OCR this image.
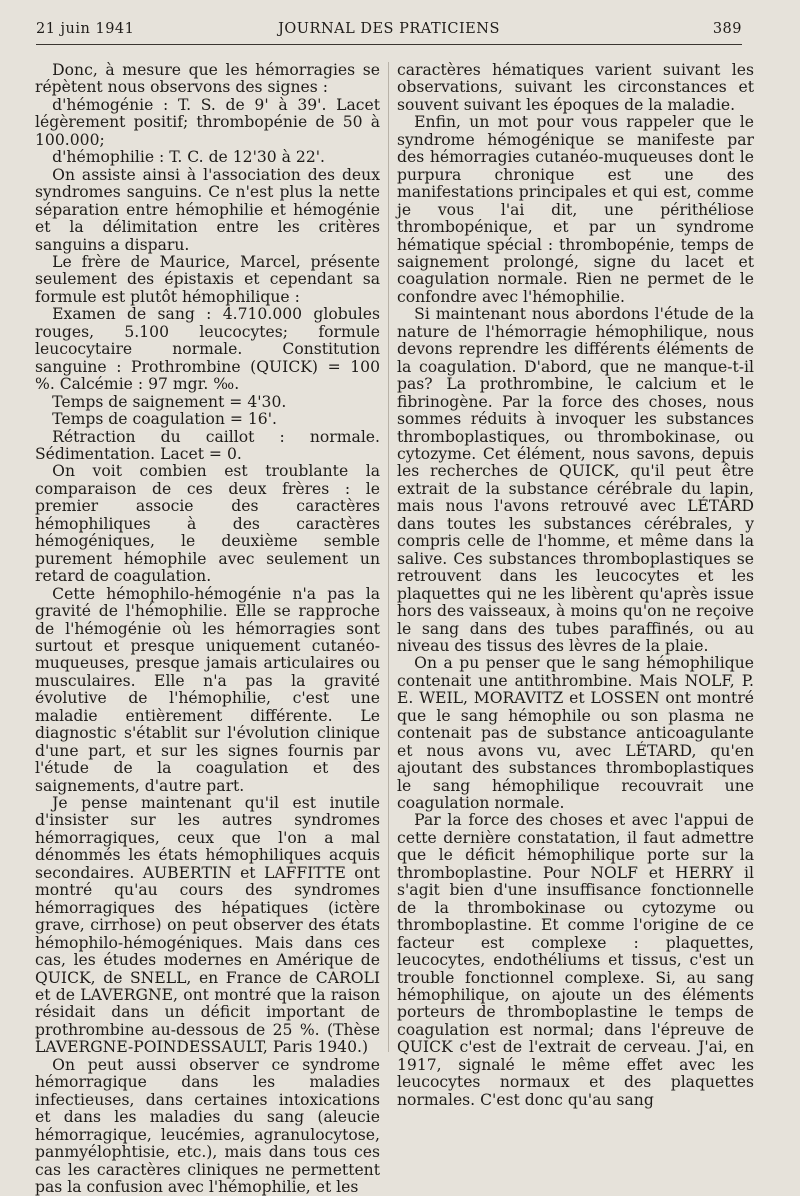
21 juin 1941	JOURNAL DES PRATICIENS	389

Donc, à mesure que les hémorragies se répètent nous observons des signes :

d'hémogénie : T. S. de 9' à 39'. Lacet légèrement positif; thrombopénie de 50 à 100.000;

d'hémophilie : T. C. de 12'30 à 22'.

On assiste ainsi à l'association des deux syndromes sanguins. Ce n'est plus la nette séparation entre hémophilie et hémogénie et la délimitation entre les critères sanguins a disparu.

Le frère de Maurice, Marcel, présente seulement des épistaxis et cependant sa formule est plutôt hémophilique :

Examen de sang : 4.710.000 globules rouges, 5.100 leucocytes; formule leucocytaire normale. Constitution sanguine : Prothrombine (QUICK) = 100 %. Calcémie : 97 mgr. ‰.

Temps de saignement = 4'30.

Temps de coagulation = 16'.

Rétraction du caillot : normale. Sédimentation. Lacet = 0.

On voit combien est troublante la comparaison de ces deux frères : le premier associe des caractères hémophiliques à des caractères hémogéniques, le deuxième semble purement hémophile avec seulement un retard de coagulation.

Cette hémophilo-hémogénie n'a pas la gravité de l'hémophilie. Elle se rapproche de l'hémogénie où les hémorragies sont surtout et presque uniquement cutanéo-muqueuses, presque jamais articulaires ou musculaires. Elle n'a pas la gravité évolutive de l'hémophilie, c'est une maladie entièrement différente. Le diagnostic s'établit sur l'évolution clinique d'une part, et sur les signes fournis par l'étude de la coagulation et des saignements, d'autre part.

Je pense maintenant qu'il est inutile d'insister sur les autres syndromes hémorragiques, ceux que l'on a mal dénommés les états hémophiliques acquis secondaires. AUBERTIN et LAFFITTE ont montré qu'au cours des syndromes hémorragiques des hépatiques (ictère grave, cirrhose) on peut observer des états hémophilo-hémogéniques. Mais dans ces cas, les études modernes en Amérique de QUICK, de SNELL, en France de CAROLI et de LAVERGNE, ont montré que la raison résidait dans un déficit important de prothrombine au-dessous de 25 %. (Thèse LAVERGNE-POINDESSAULT, Paris 1940.)

On peut aussi observer ce syndrome hémorragique dans les maladies infectieuses, dans certaines intoxications et dans les maladies du sang (aleucie hémorragique, leucémies, agranulocytose, panmyélophtisie, etc.), mais dans tous ces cas les caractères cliniques ne permettent pas la confusion avec l'hémophilie, et les

caractères hématiques varient suivant les observations, suivant les circonstances et souvent suivant les époques de la maladie.

Enfin, un mot pour vous rappeler que le syndrome hémogénique se manifeste par des hémorragies cutanéo-muqueuses dont le purpura chronique est une des manifestations principales et qui est, comme je vous l'ai dit, une périthéliose thrombopénique, et par un syndrome hématique spécial : thrombopénie, temps de saignement prolongé, signe du lacet et coagulation normale. Rien ne permet de le confondre avec l'hémophilie.

Si maintenant nous abordons l'étude de la nature de l'hémorragie hémophilique, nous devons reprendre les différents éléments de la coagulation. D'abord, que ne manque-t-il pas? La prothrombine, le calcium et le fibrinogène. Par la force des choses, nous sommes réduits à invoquer les substances thromboplastiques, ou thrombokinase, ou cytozyme. Cet élément, nous savons, depuis les recherches de QUICK, qu'il peut être extrait de la substance cérébrale du lapin, mais nous l'avons retrouvé avec LÉTARD dans toutes les substances cérébrales, y compris celle de l'homme, et même dans la salive. Ces substances thromboplastiques se retrouvent dans les leucocytes et les plaquettes qui ne les libèrent qu'après issue hors des vaisseaux, à moins qu'on ne reçoive le sang dans des tubes paraffinés, ou au niveau des tissus des lèvres de la plaie.

On a pu penser que le sang hémophilique contenait une antithrombine. Mais NOLF, P. E. WEIL, MORAVITZ et LOSSEN ont montré que le sang hémophile ou son plasma ne contenait pas de substance anticoagulante et nous avons vu, avec LÉTARD, qu'en ajoutant des substances thromboplastiques le sang hémophilique recouvrait une coagulation normale.

Par la force des choses et avec l'appui de cette dernière constatation, il faut admettre que le déficit hémophilique porte sur la thromboplastine. Pour NOLF et HERRY il s'agit bien d'une insuffisance fonctionnelle de la thrombokinase ou cytozyme ou thromboplastine. Et comme l'origine de ce facteur est complexe : plaquettes, leucocytes, endothéliums et tissus, c'est un trouble fonctionnel complexe. Si, au sang hémophilique, on ajoute un des éléments porteurs de thromboplastine le temps de coagulation est normal; dans l'épreuve de QUICK c'est de l'extrait de cerveau. J'ai, en 1917, signalé le même effet avec les leucocytes normaux et des plaquettes normales. C'est donc qu'au sang
